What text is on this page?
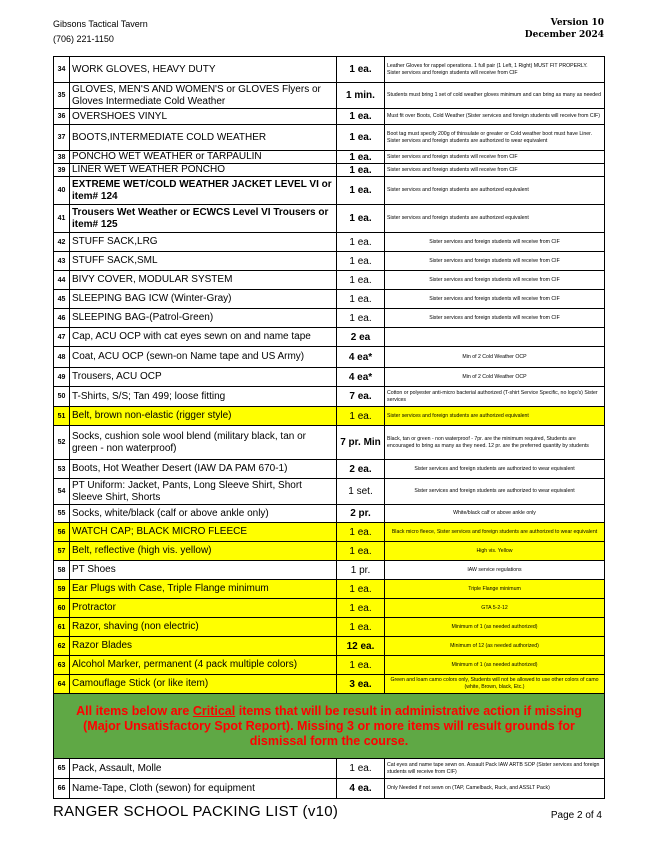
Gibsons Tactical Tavern
(706) 221-1150
Version 10
December 2024
34	WORK GLOVES, HEAVY DUTY	1 ea.	Leather Gloves for rappel operations. 1 full pair (1 Left, 1 Right) MUST FIT PROPERLY. Sister services and foreign students will receive from CIF
35	GLOVES, MEN'S AND WOMEN'S or GLOVES Flyers or Gloves Intermediate Cold Weather	1 min.	Students must bring 1 set of cold weather gloves minimum and can bring as many as needed
36	OVERSHOES VINYL	1 ea.	Must fit over Boots, Cold Weather (Sister services and foreign students will receive from CIF)
37	BOOTS,INTERMEDIATE COLD WEATHER	1 ea.	Boot tag must specify 200g of thinsulate or greater or Cold weather boot must have Liner. Sister services and foreign students are authorized to wear equivalent
38	PONCHO WET WEATHER or TARPAULIN	1 ea.	Sister services and foreign students will receive from CIF
39	LINER WET WEATHER PONCHO	1 ea.	Sister services and foreign students will receive from CIF
40	EXTREME WET/COLD WEATHER JACKET LEVEL VI or item# 124	1 ea.	Sister services and foreign students are authorized equivalent
41	Trousers Wet Weather or ECWCS Level VI Trousers or item# 125	1 ea.	Sister services and foreign students are authorized equivalent
42	STUFF SACK,LRG	1 ea.	Sister services and foreign students will receive from CIF
43	STUFF SACK,SML	1 ea.	Sister services and foreign students will receive from CIF
44	BIVY COVER, MODULAR SYSTEM	1 ea.	Sister services and foreign students will receive from CIF
45	SLEEPING BAG ICW (Winter-Gray)	1 ea.	Sister services and foreign students will receive from CIF
46	SLEEPING BAG-(Patrol-Green)	1 ea.	Sister services and foreign students will receive from CIF
47	Cap, ACU OCP with cat eyes sewn on and name tape	2 ea	
48	Coat, ACU OCP (sewn-on Name tape and US Army)	4 ea*	Min of 2 Cold Weather OCP
49	Trousers, ACU OCP	4 ea*	Min of 2 Cold Weather OCP
50	T-Shirts, S/S; Tan 499; loose fitting	7 ea.	Cotton or polyester anti-micro bacterial authorized (T-shirt Service Specific, no logo's) Sister services
51	Belt, brown non-elastic (rigger style)	1 ea.	Sister services and foreign students are authorized equivalent
52	Socks, cushion sole wool blend (military black, tan or green - non waterproof)	7 pr. Min	Black, tan or green - non waterproof - 7pr. are the minimum required, Students are encouraged to bring as many as they need. 12 pr. are the preferred quantity by students
53	Boots, Hot Weather Desert (IAW DA PAM 670-1)	2 ea.	Sister services and foreign students are authorized to wear equivalent
54	PT Uniform: Jacket, Pants, Long Sleeve Shirt, Short Sleeve Shirt, Shorts	1 set.	Sister services and foreign students are authorized to wear equivalent
55	Socks, white/black (calf or above ankle only)	2 pr.	White/black calf or above ankle only
56	WATCH CAP; BLACK MICRO FLEECE	1 ea.	Black micro fleece, Sister services and foreign students are authorized to wear equivalent
57	Belt, reflective (high vis. yellow)	1 ea.	High vis. Yellow
58	PT Shoes	1 pr.	IAW service regulations
59	Ear Plugs with Case, Triple Flange minimum	1 ea.	Triple Flange minimum
60	Protractor	1 ea.	GTA 5-2-12
61	Razor, shaving (non electric)	1 ea.	Minimum of 1 (as needed authorized)
62	Razor Blades	12 ea.	Minimum of 12 (as needed authorized)
63	Alcohol Marker, permanent (4 pack multiple colors)	1 ea.	Minimum of 1 (as needed authorized)
64	Camouflage Stick (or like item)	3 ea.	Green and loam camo colors only, Students will not be allowed to use other colors of camo (white, Brown, black, Etc.)
All items below are Critical items that will be result in administrative action if missing (Major Unsatisfactory Spot Report). Missing 3 or more items will result grounds for dismissal form the course.			
65	Pack, Assault, Molle	1 ea.	Cat eyes and name tape sewn on. Assault Pack IAW ARTB SOP (Sister services and foreign students will receive from CIF)
66	Name-Tape, Cloth (sewon) for equipment	4 ea.	Only Needed if not sewn on (TAP, Camelback, Ruck, and ASSLT Pack)
RANGER SCHOOL PACKING LIST (v10)	Page 2 of 4
